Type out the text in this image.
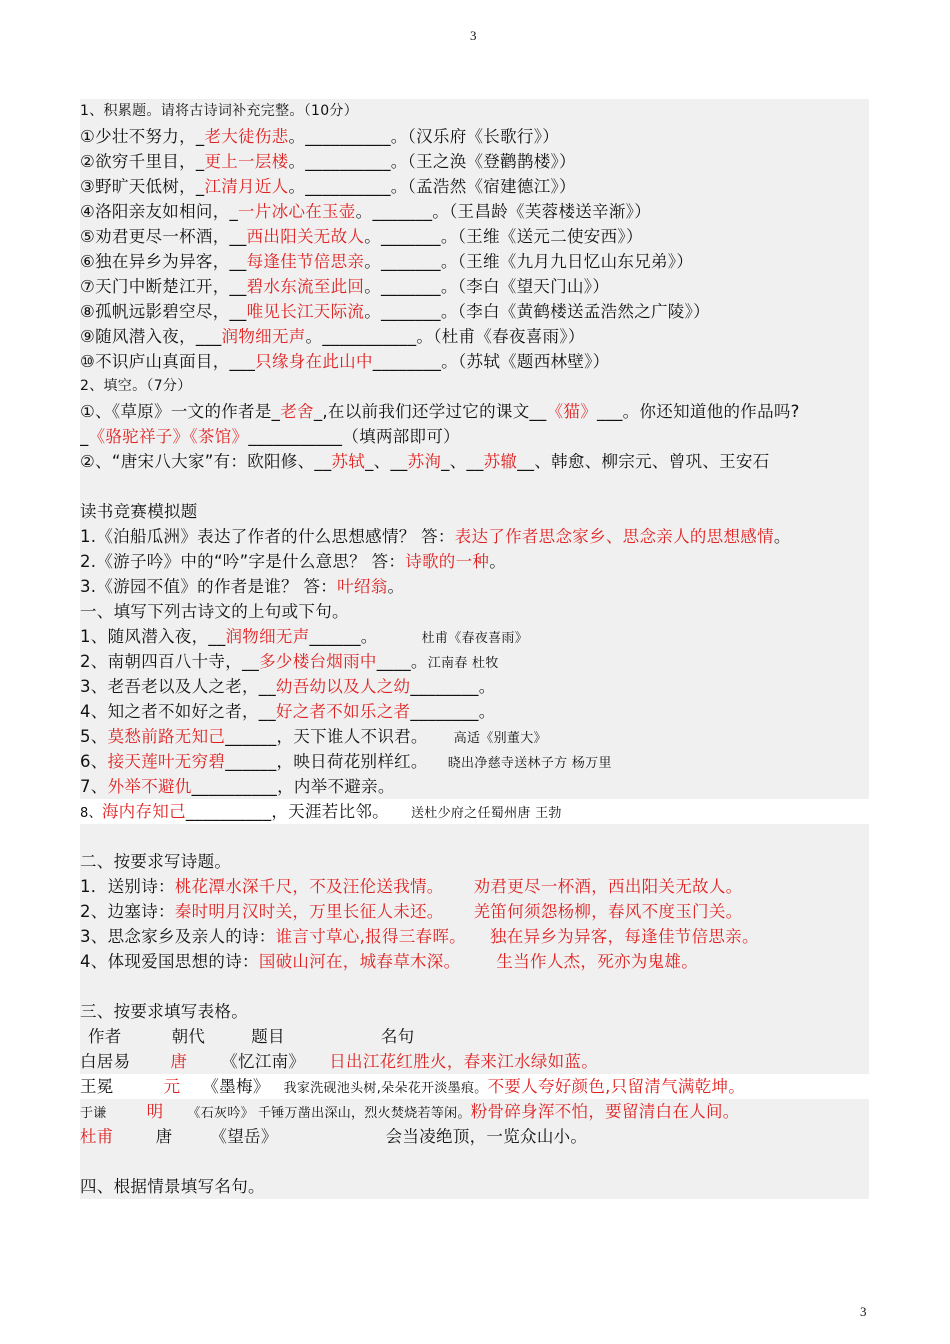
3
1、积累题。请将古诗词补充完整。（10分）
①少壮不努力，_老大徒伤悲。__________。（汉乐府《长歌行》）
②欲穷千里目，_更上一层楼。__________。（王之涣《登鹳鹊楼》）
③野旷天低树，_江清月近人。__________。（孟浩然《宿建德江》）
④洛阳亲友如相问，_一片冰心在玉壶。_______。（王昌龄《芙蓉楼送辛渐》）
⑤劝君更尽一杯酒，__西出阳关无故人。_______。（王维《送元二使安西》）
⑥独在异乡为异客，__每逢佳节倍思亲。_______。（王维《九月九日忆山东兄弟》）
⑦天门中断楚江开，__碧水东流至此回。_______。（李白《望天门山》）
⑧孤帆远影碧空尽，__唯见长江天际流。_______。（李白《黄鹤楼送孟浩然之广陵》）
⑨随风潜入夜，___润物细无声。___________。（杜甫《春夜喜雨》）
⑩不识庐山真面目，___只缘身在此山中________。（苏轼《题西林壁》）
2、填空。（7分）
①、《草原》一文的作者是_老舍_,在以前我们还学过它的课文__《猫》___。你还知道他的作品吗?
_《骆驼祥子》《茶馆》___________（填两部即可）
②、“唐宋八大家”有：欧阳修、__苏轼_、__苏洵_、__苏辙__、韩愈、柳宗元、曾巩、王安石
读书竞赛模拟题
1.《泊船瓜洲》表达了作者的什么思想感情？ 答：表达了作者思念家乡、思念亲人的思想感情。
2.《游子吟》中的“吟”字是什么意思？ 答：诗歌的一种。
3.《游园不值》的作者是谁？ 答：叶绍翁。
一、填写下列古诗文的上句或下句。
1、随风潜入夜，__润物细无声______。	杜甫《春夜喜雨》
2、南朝四百八十寺，__多少楼台烟雨中____。江南春 杜牧
3、老吾老以及人之老，__幼吾幼以及人之幼________。
4、知之者不如好之者，__好之者不如乐之者________。
5、莫愁前路无知己______，天下谁人不识君。 高适《别董大》
6、接天莲叶无穷碧______，映日荷花别样红。 晓出净慈寺送林子方 杨万里
7、外举不避仇__________，内举不避亲。
8、海内存知己__________，天涯若比邻。 送杜少府之任蜀州唐 王勃
二、按要求写诗题。
1．送别诗：桃花潭水深千尺，不及汪伦送我情。 劝君更尽一杯酒，西出阳关无故人。
2、边塞诗：秦时明月汉时关，万里长征人未还。 羌笛何须怨杨柳，春风不度玉门关。
3、思念家乡及亲人的诗：谁言寸草心,报得三春晖。 独在异乡为异客，每逢佳节倍思亲。
4、体现爱国思想的诗：国破山河在，城春草木深。 生当作人杰，死亦为鬼雄。
三、按要求填写表格。
作者	朝代	题目	名句
白居易 唐 《忆江南》 日出江花红胜火，春来江水绿如蓝。
王冕	元 《墨梅》 我家洗砚池头树,朵朵花开淡墨痕。不要人夸好颜色,只留清气满乾坤。
于谦 明 《石灰吟》 千锤万凿出深山，烈火焚烧若等闲。粉骨碎身浑不怕，要留清白在人间。
杜甫	唐 《望岳》	会当凌绝顶，一览众山小。
四、根据情景填写名句。
3
